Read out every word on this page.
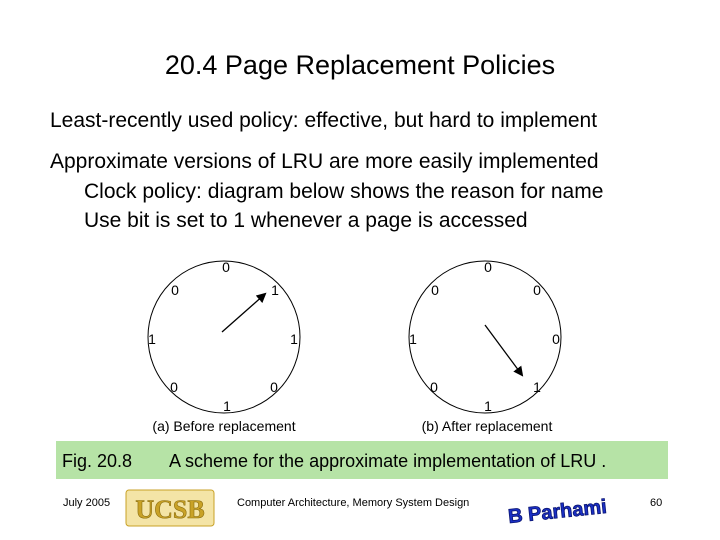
20.4 Page Replacement Policies
Least-recently used policy: effective, but hard to implement
Approximate versions of LRU are more easily implemented
Clock policy: diagram below shows the reason for name
Use bit is set to 1 whenever a page is accessed
0
1
1
0
1
0
1
0
(a) Before replacement
0
0
0
1
1
0
1
0
(b) After replacement
Fig. 20.8 A scheme for the approximate implementation of LRU .
July 2005 UCSB	Computer Architecture, Memory System Design B Parhami	60
